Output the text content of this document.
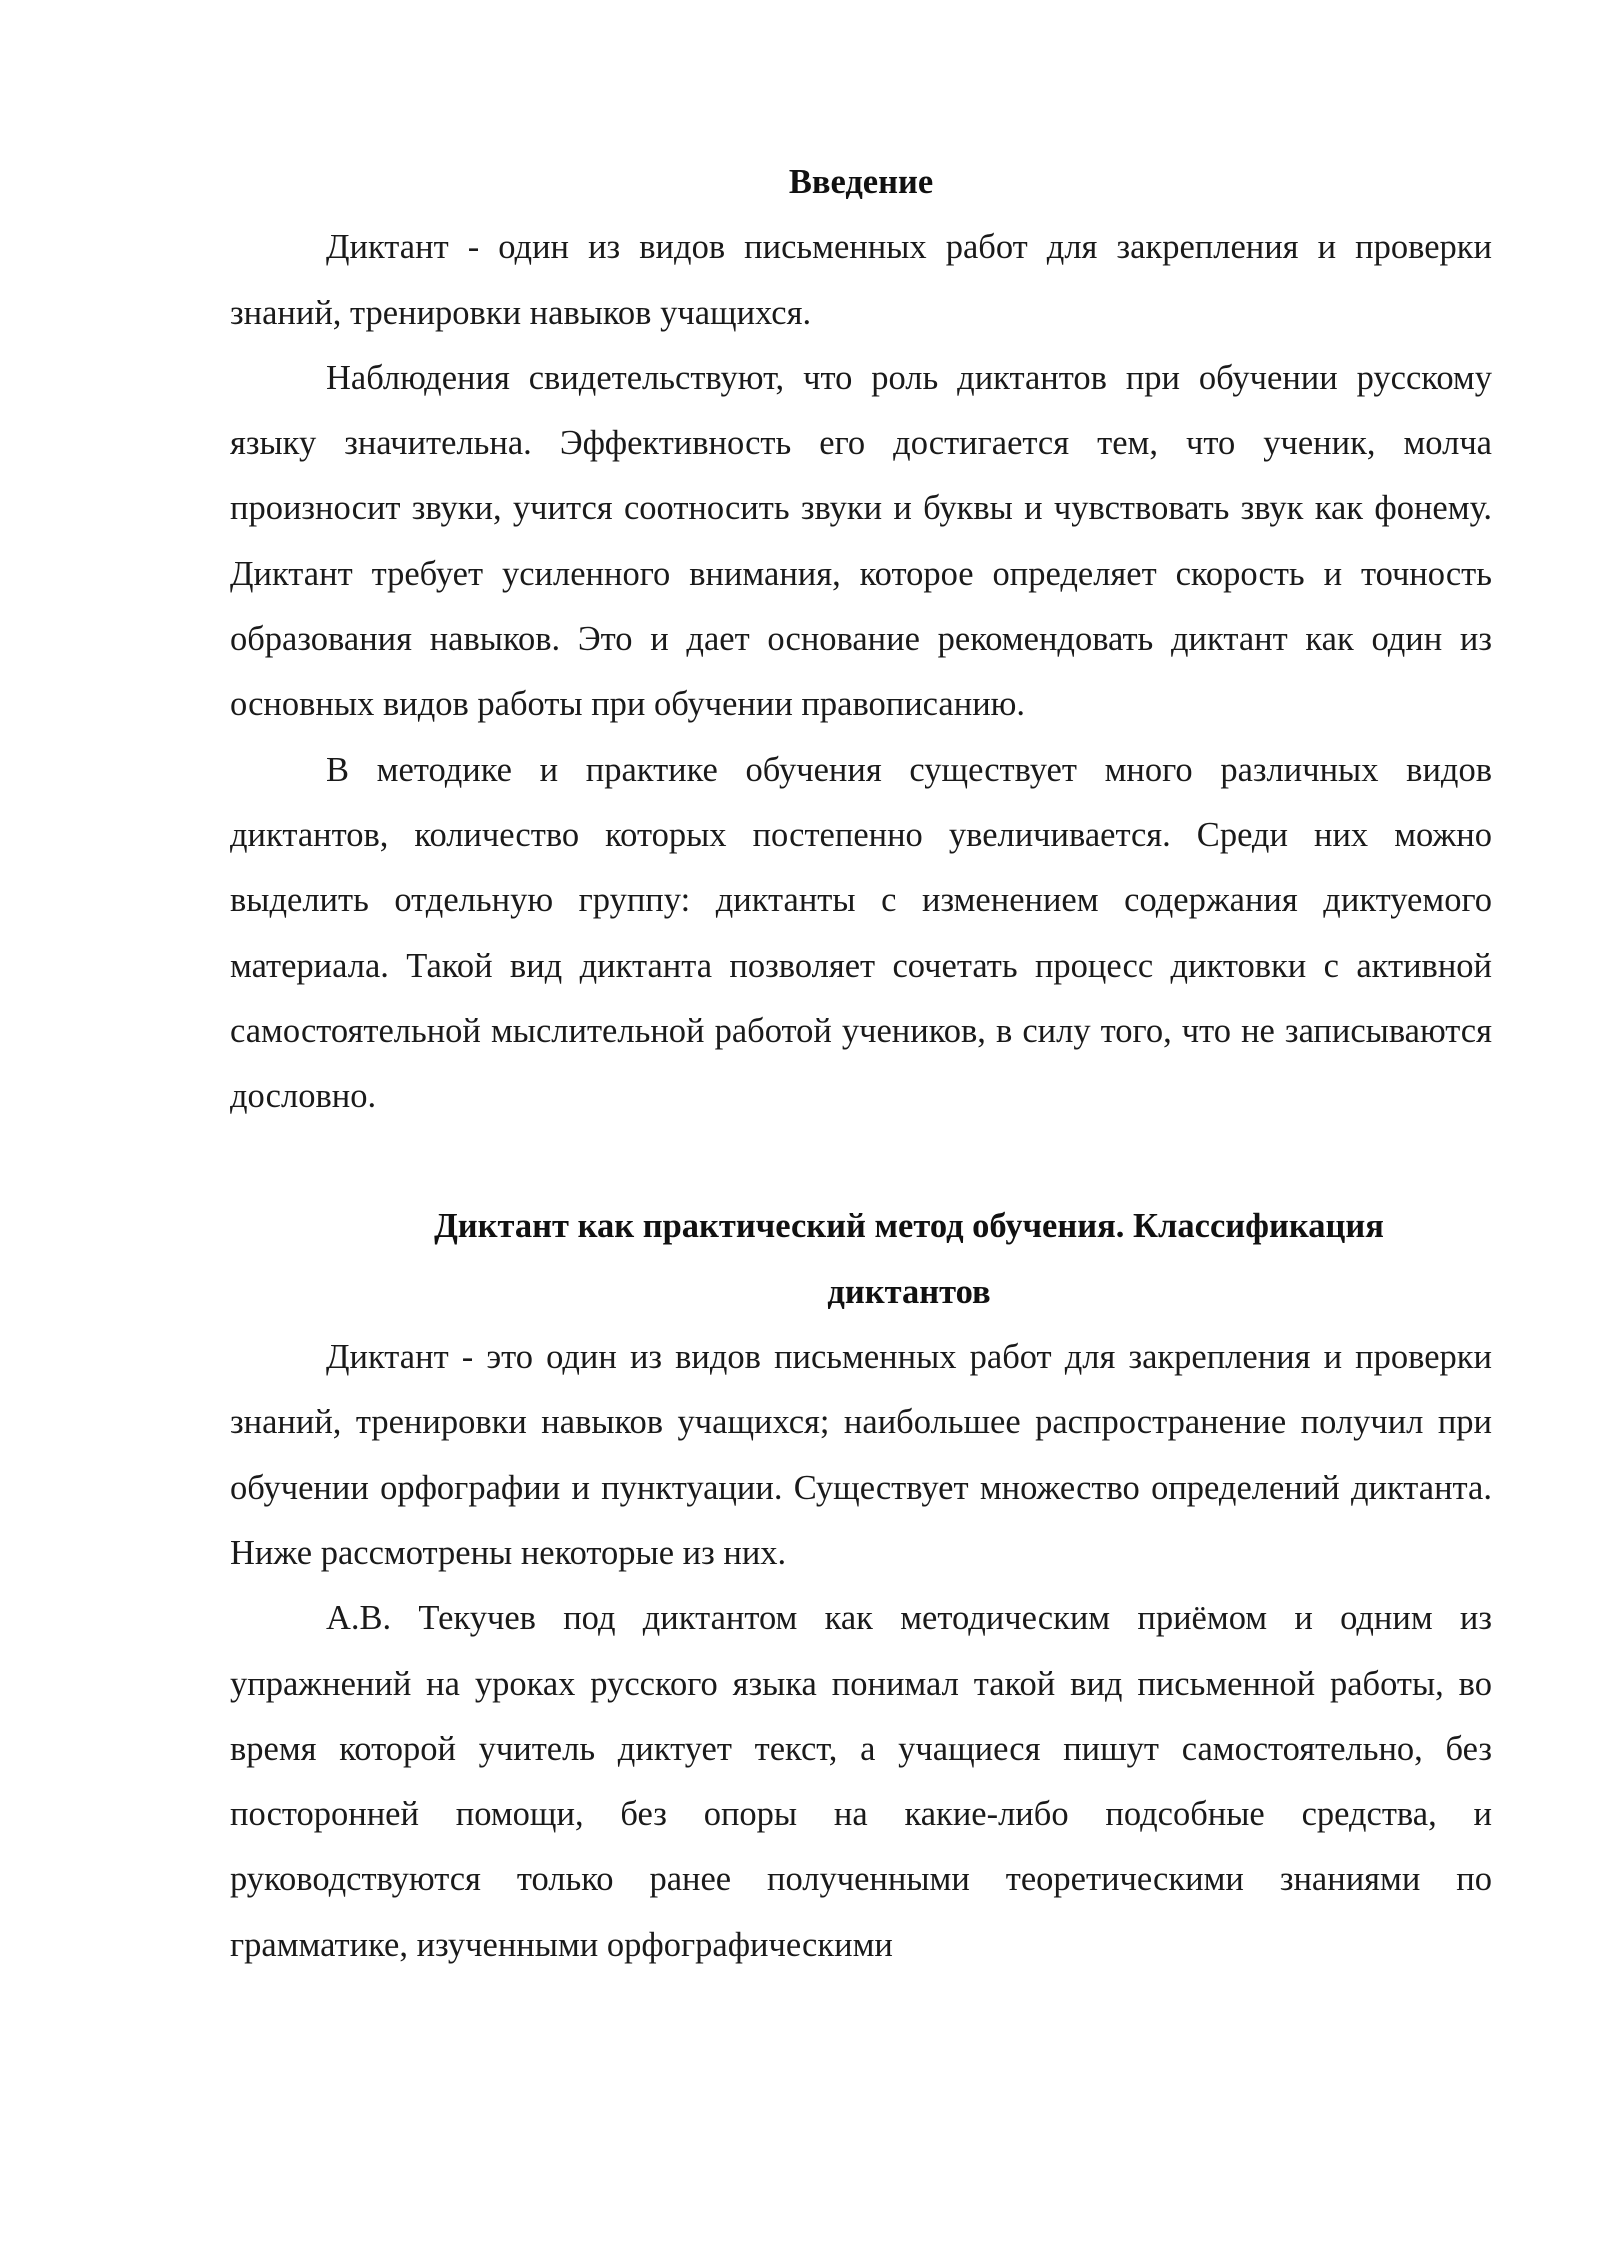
Введение

Диктант - один из видов письменных работ для закрепления и проверки знаний, тренировки навыков учащихся.

Наблюдения свидетельствуют, что роль диктантов при обучении русскому языку значительна. Эффективность его достигается тем, что ученик, молча произносит звуки, учится соотносить звуки и буквы и чувствовать звук как фонему. Диктант требует усиленного внимания, которое определяет скорость и точность образования навыков. Это и дает основание рекомендовать диктант как один из основных видов работы при обучении правописанию.

В методике и практике обучения существует много различных видов диктантов, количество которых постепенно увеличивается. Среди них можно выделить отдельную группу: диктанты с изменением содержания диктуемого материала. Такой вид диктанта позволяет сочетать процесс диктовки с активной самостоятельной мыслительной работой учеников, в силу того, что не записываются дословно.

Диктант как практический метод обучения. Классификация
диктантов

Диктант - это один из видов письменных работ для закрепления и проверки знаний, тренировки навыков учащихся; наибольшее распространение получил при обучении орфографии и пунктуации. Существует множество определений диктанта. Ниже рассмотрены некоторые из них.

А.В. Текучев под диктантом как методическим приёмом и одним из упражнений на уроках русского языка понимал такой вид письменной работы, во время которой учитель диктует текст, а учащиеся пишут самостоятельно, без посторонней помощи, без опоры на какие-либо подсобные средства, и руководствуются только ранее полученными теоретическими знаниями по грамматике, изученными орфографическими
